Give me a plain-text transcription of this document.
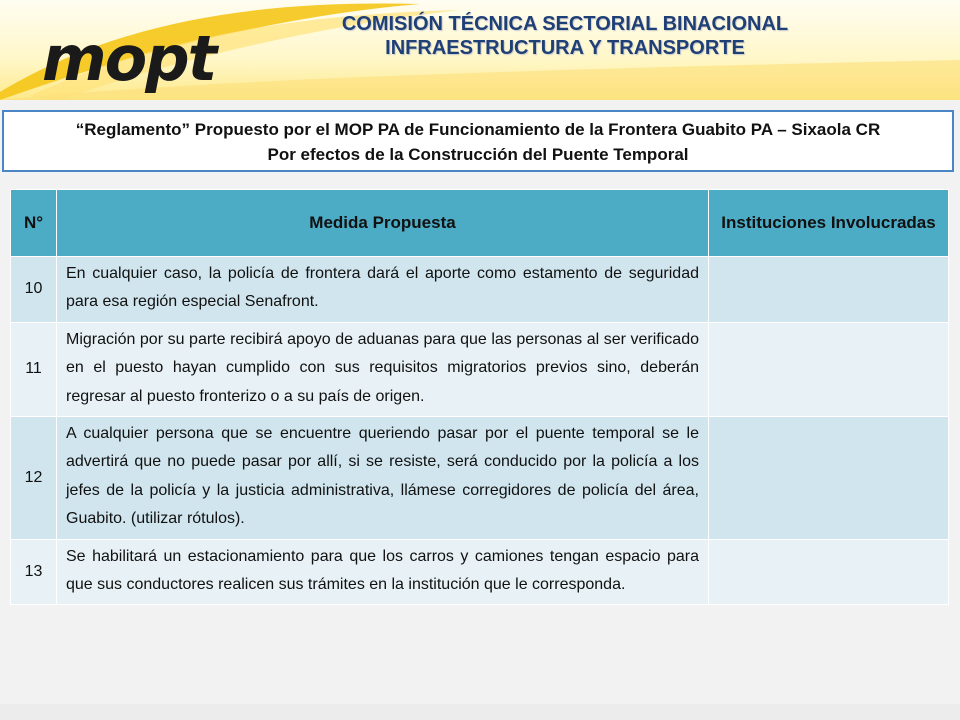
mopt	COMISIÓN TÉCNICA SECTORIAL BINACIONAL
INFRAESTRUCTURA Y TRANSPORTE
“Reglamento” Propuesto por el MOP PA de Funcionamiento de la Frontera Guabito PA – Sixaola CR
Por efectos de la Construcción del Puente Temporal
N°	Medida Propuesta	Instituciones Involucradas
10	En cualquier caso, la policía de frontera dará el aporte como estamento de seguridad para esa región especial Senafront.	
11	Migración por su parte recibirá apoyo de aduanas para que las personas al ser verificado en el puesto hayan cumplido con sus requisitos migratorios previos sino, deberán regresar al puesto fronterizo o a su país de origen.	
12	A cualquier persona que se encuentre queriendo pasar por el puente temporal se le advertirá que no puede pasar por allí, si se resiste, será conducido por la policía a los jefes de la policía y la justicia administrativa, llámese corregidores de policía del área, Guabito. (utilizar rótulos).	
13	Se habilitará un estacionamiento para que los carros y camiones tengan espacio para que sus conductores realicen sus trámites en la institución que le corresponda.	
